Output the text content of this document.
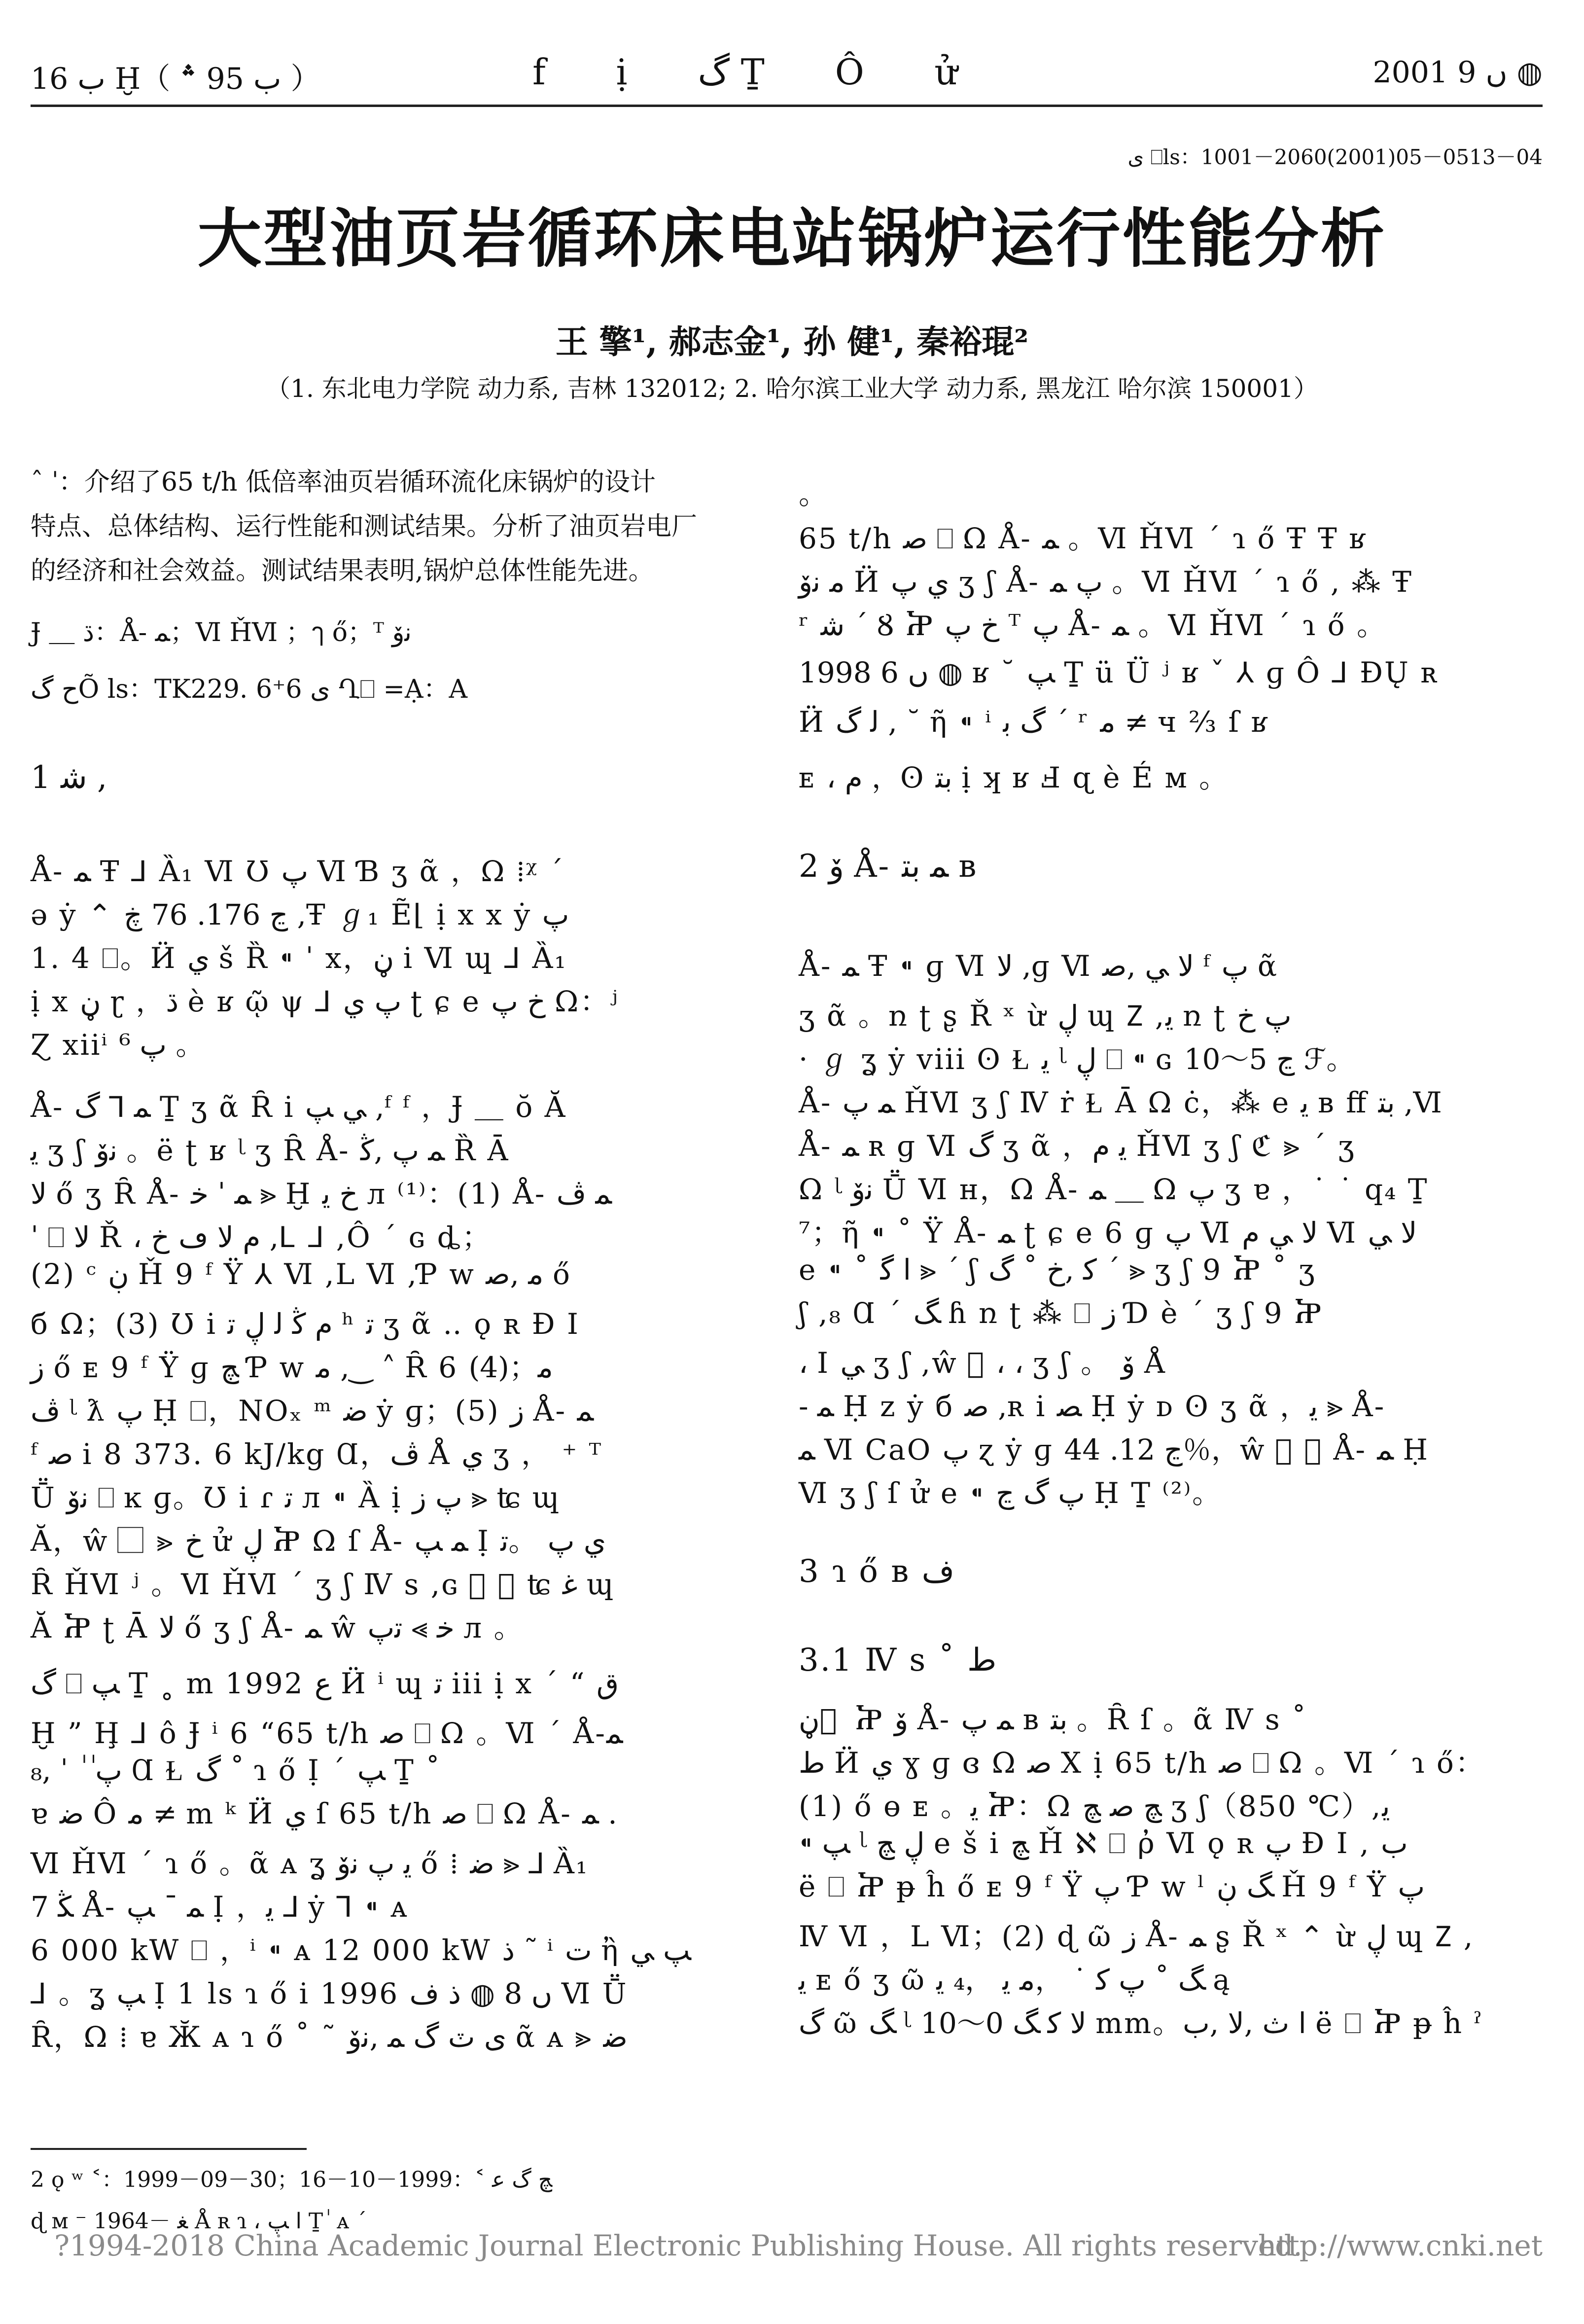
ب 16 Ḫ（ ب 95 ؞ ）	f ị گ Ṯ Ô ử	2001 ں 9 ◍
ى ⎕ls：1001－2060(2001)05－0513－04
大型油页岩循环床电站锅炉运行性能分析
王 擎¹, 郝志金¹, 孙 健¹, 秦裕琨²
（1. 东北电力学院 动力系, 吉林 132012; 2. 哈尔滨工业大学 动力系, 黑龙江 哈尔滨 150001）
ˆ ˈ：介绍了65 t/h 低倍率油页岩循环流化床锅炉的设计
特点、总体结构、运行性能和测试结果。分析了油页岩电厂
的经济和社会效益。测试结果表明,锅炉总体性能先进。
Ɉ ＿ ڌ：Å- ﻤ；Ⅵ ȞⅥ ；ๅ ő；ᵀ ﻧﯙ
ﺡ گÕ ls：TK229. 6⁺6 ى Ղ⎕ =Ạ：A
1 ﺷ ,
Å- ﻤ Ŧ ⅃ Ȁ₁ Ⅵ Ʊ ﭖ Ⅵ Ɓ ʒ ᾶ ，Ω ⁞ᵡ ˊ
ə ẏ ⌃ ڃ 176. 76 ڿ ,Ŧ ℊ₁ Ẽ⌊ ị x x ẏ ﭖ
1. 4 ⎕。Ӥ ﻱ š Ȑ ⁌ ˈ x，ڼ i Ⅵ ɰ ⅃ Ȁ₁
ị x ڼ ɽ ，ڌ è ʁ ῷ ψ ⅃ ﭖ ﻱ ʈ ɕ e ﺥ ﭖ Ω：ʲ
Ɀ xiiⁱ ﭖ ⁶ 。
Å- ﻤ ⅂ گ Ṯ ʒ ᾶ Ȓ i ﻲ ﭗ ,ᶠ ᶠ ，Ɉ ＿ ŏ Ă
ﻳ ʒ ʃ ﻧﯙ 。ë ʈ ʁ ᶩ ʒ Ȓ Å- ﻤ ﭖ ,ﯕ Ȑ Ā
ﻻ ő ʒ Ȓ Å- ﻤ ˈ ﺧ ⪢ Ḫ ﺥ ﻳ л ⁽¹⁾：(1) Å- ﻤ ﭪ
ˈ ⎕ ﻻ Ř ، ﻡ ﻻ ڡ ﺥ ,ᒪ ᒧ ,Ô ˊ ɢ ȡ；
(2) ᶜ ڹ Ȟ 9 ᶠ Ÿ ⅄ Ⅵ ,Ⅼ Ⅵ ,Ƥ w ﻣ ,ﺻ ő
б Ω；(3) Ʊ i ﻡ ﯕ ﻟ ڸ ﺗ ʰ ﺗ ʒ ᾶ ‥ ǫ ʀ Ɖ Ⅰ
ﺯ ő ᴇ 9 ᶠ Ÿ ɡ ﭻ Ƥ w ﻣ ,‿ ˄ Ȓ 6 ﻣ；(4)
ﭪ ᶩ ƛ ﭖ Ḥ ⎕，NOₓ ᵐ ﺿ ẏ ɡ；(5) ﺯ Å- ﻤ
ᶠ ﺻ i 8 373. 6 kJ/kg Ɑ，ﭪ Å ﻱ ʒ ， ⁺ ᵀ
Ṻ ﻧﯙ ⎕ ĸ ɡ。Ʊ i ɾ ﺗ л ⁌ Ȁ ị ﭖ ﺯ ⪢ ʨ ɰ
Ă，ŵ ⃞ ⪢ ﺥ ử ڸ Ⴟ Ω ſ Å- ﻤ ﭗ Ị ﻱ ﭖ 。ﺗ
Ȓ ȞⅥ ʲ 。Ⅵ ȞⅥ ˊ ʒ ʃ Ⅳ s ,ɢ ⃞ ⪢ ʨ ﻏ ɰ
Ă Ⴟ ʈ Ā ﻻ ő ʒ ʃ Å- ﻤ ŵ ﺧ ⪢ ﺗﭖ л 。
گ ⎕ ﭗ Ṯ ˳ m 1992 ﻉ Ӥ ⁱ ɰ ﺗ iii ị x ˊ “ ﻕ
Ḫ ” Ḩ ⅃ ô Ɉ ⁱ 6 “65 t/h ﺻ ⎕ Ω 。Ⅵ ˊ Å-ﻤ
ﭖ ٰ ٰ ˈ ,₈ Ɑ Ɫ گ ˚ ɿ ő Ị ˊ ﭗ Ṯ ˚
ɐ ﺿ Ô ﻣ ≠ m ᵏ Ӥ ﻱ ſ 65 t/h ﺻ ⎕ Ω Å- ﻤ .
Ⅵ ȞⅥ ˊ ɿ ő 。ᾶ ᴀ ʓ ﻳ ﭖ ﻧﯙ ő ⁞ ﺿ ⪢ ⅃ Ȁ₁
ﯖ 7 Å- ﻤ ˉ ﭗ Ị ，ﻳ ⅃ ẏ ⅂ ⁌ ᴀ
6 000 kW ⎕ ，ⁱ ⁌ ᴀ 12 000 kW ﺫ ˜ ⁱ ﺕ ἢ ﭗ ﻲ
⅃ 。ʓ ﭗ Ị 1 ls ɿ ő i 1996 ں 8 ◍ ﺫ ﻑ Ⅵ Ṻ
Ȓ，Ω ⁞ ɐ Ӂ ᴀ ɿ ő ˚ ˜ ى ٽ گ ﻤ ,ﻧﯙ ᾶ ᴀ ⪢ ﺿ
。
65 t/h ﺻ ⎕ Ω Å- ﻤ 。Ⅵ ȞⅥ ˊ ɿ ő Ŧ Ŧ ʁ
ﻣ ﻧﯙ Ӥ ﻱ ﭖ ʒ ʃ Å- ﭖ ﻤ 。Ⅵ ȞⅥ ˊ ɿ ő , ⁂ Ŧ
ʳ ﺷ ˊ Ȣ Ⴟ ﺥ ﭖ ᵀ ﭖ Å- ﻤ 。Ⅵ ȞⅥ ˊ ɿ ő 。
1998 ں 6 ◍ ʁ ˘ ﭗ Ṯ ü Ü ʲ ʁ ˇ ⅄ ɡ Ô ⅃ ĐŲ ʀ
Ӥ ﻟ گ , ˘ ῆ ⁌ ⁱ گ ﺑ ˊ ʳ ﻣ ≠ ч ⅔ ſ ʁ
ᴇ ، ﻡ ，ʘ ﺑﺘ ị ʞ ʁ Ⅎ ɋ è É ᴍ 。
2 ﯙ Å- ﻤ ﺑﺘ ʙ
Å- ﻤ Ŧ ⁌ ɡ Ⅵ ﻻ ,ɡ Ⅵ ﻻ ﻲ ,ﺻ ᶠ ﭖ ᾶ
ʒ ᾶ 。ռ ʈ ʂ Ř ˣ ừ ڸ ɰ Ⴭ ,ﻳ ռ ʈ ﭖ ﺥ
· ℊ ʓ ẏ viii ʘ Ɫ ﻳ ᶩ ڸ ⎕ ⁌ ɢ ڃ 5～10 ℱ。
Å- ﻤ ﭖ ȞⅥ ʒ ʃ Ⅳ ṙ Ɫ Ā Ω ċ，⁂ e ﻳ ʙ ﬀ ﺑﺘ ,Ⅵ
Å- ﻤ ʀ ɡ Ⅵ گ ʒ ᾶ ，ﻳ ﻡ ȞⅥ ʒ ʃ ℭ ⪢ ˊ ʒ
Ω ᶩ ﻧﯙ Ṻ Ⅵ ʜ，Ω Å- ﻤ ＿ Ω ﭖ ʒ ɐ ，˙ ˙ q₄ Ṯ
⁷；ῆ ⁌ ˚ Ÿ Å- ﻤ ʈ ɕ e 6 ɡ ﭖ Ⅵ ﻻ ﻲ ﻡ Ⅵ ﻻ ﻲ
e ⁌ ˚ ﺍ ﮔ ⪢ ˊ ʃ ﮐ ,ﺥ ˚ ﮒ ˊ ⪢ ʒ ʃ 9 Ⴟ ˚ ʒ
ʃ ,₈ Ɑ ˊ ﮓ ɦ ռ ʈ ⁂ ⎕ ﺯ Ɗ è ˊ ʒ ʃ 9 Ⴟ
، Ⅰ ﻲ ʒ ʃ ,ŵ ⃞ ، ، ʒ ʃ 。 ﯙ Å
- ﻤ Ḥ z ẏ б ﺻ ,ʀ i ﺼ Ḥ ẏ ᴅ ʘ ʒ ᾶ ，ﻳ ⪢ Å-
ﻤ Ⅵ CaO ﭖ ɀ ẏ ɡ ڃ 12. 44％，ŵ ⃞ ⪢ Å- ﻤ Ḥ
Ⅵ ʒ ʃ ſ ử e ⁌ ﭖ گ ڃ Ḥ Ṯ ⁽²⁾。
3 ɿ ő ʙ ﻑ
3.1 Ⅳ s ˚ ﻁ
ڼ ⃞ Ⴟ ﯙ Å- ﻤ ﭖ ʙ ﺑﺘ 。Ȓ ſ 。ᾶ Ⅳ s ˚
ﻁ Ӥ ﻱ ɣ ɡ ɞ Ω ﺻ Ⅹ ị 65 t/h ﺻ ⎕ Ω 。Ⅵ ˊ ɿ ő：
(1) ő ɵ ᴇ 。ﻳ Ⴟ：Ω ﭻ ﺻ ﭻ ʒ ʃ（850 ℃）,ﻳ
⁌ ﭗ ᶩ ڸ ﭻ e š i ﭻ Ȟ ℵ ⎕ ῤ Ⅵ ǫ ʀ ﭖ Ɖ Ⅰ , ﺏ
ë ⎕ Ⴟ ᵽ ĥ ő ᴇ 9 ᶠ Ÿ ﭖ Ƥ w ˡ ﮓ ڹ Ȟ 9 ᶠ Ÿ ﭖ
Ⅳ Ⅵ ，Ⅼ Ⅵ；(2) ɖ ῶ ﺯ Å- ﻤ ʂ Ř ˣ ⌃ ừ ڸ ɰ Ⴭ ,
ﻳ ᴇ ő ʒ ῶ ﮓ ˚ ﭖ ﮐ ˙ ，ﻣ ﻳ ，₄ ﻳ ą
گ ῶ ﮓ ᶩ ﻻ ﮐ ﮓ 0～10 mm。ﺍ ﺙ ,ﻻ ,ﺏ ë ⎕ Ⴟ ᵽ ĥ ˀ
2 ǫ ʷ ˂：1999－09－30；ﭻ گ ﻋ ˂：1999－10－16
ɖ ᴍ ⁻ 1964－ ﻐ Å ʀ ɿ ، ﺍ ﭗ Ṯ ٰ ᴀ ˊ
?1994-2018 China Academic Journal Electronic Publishing House. All rights reserved.
http://www.cnki.net
